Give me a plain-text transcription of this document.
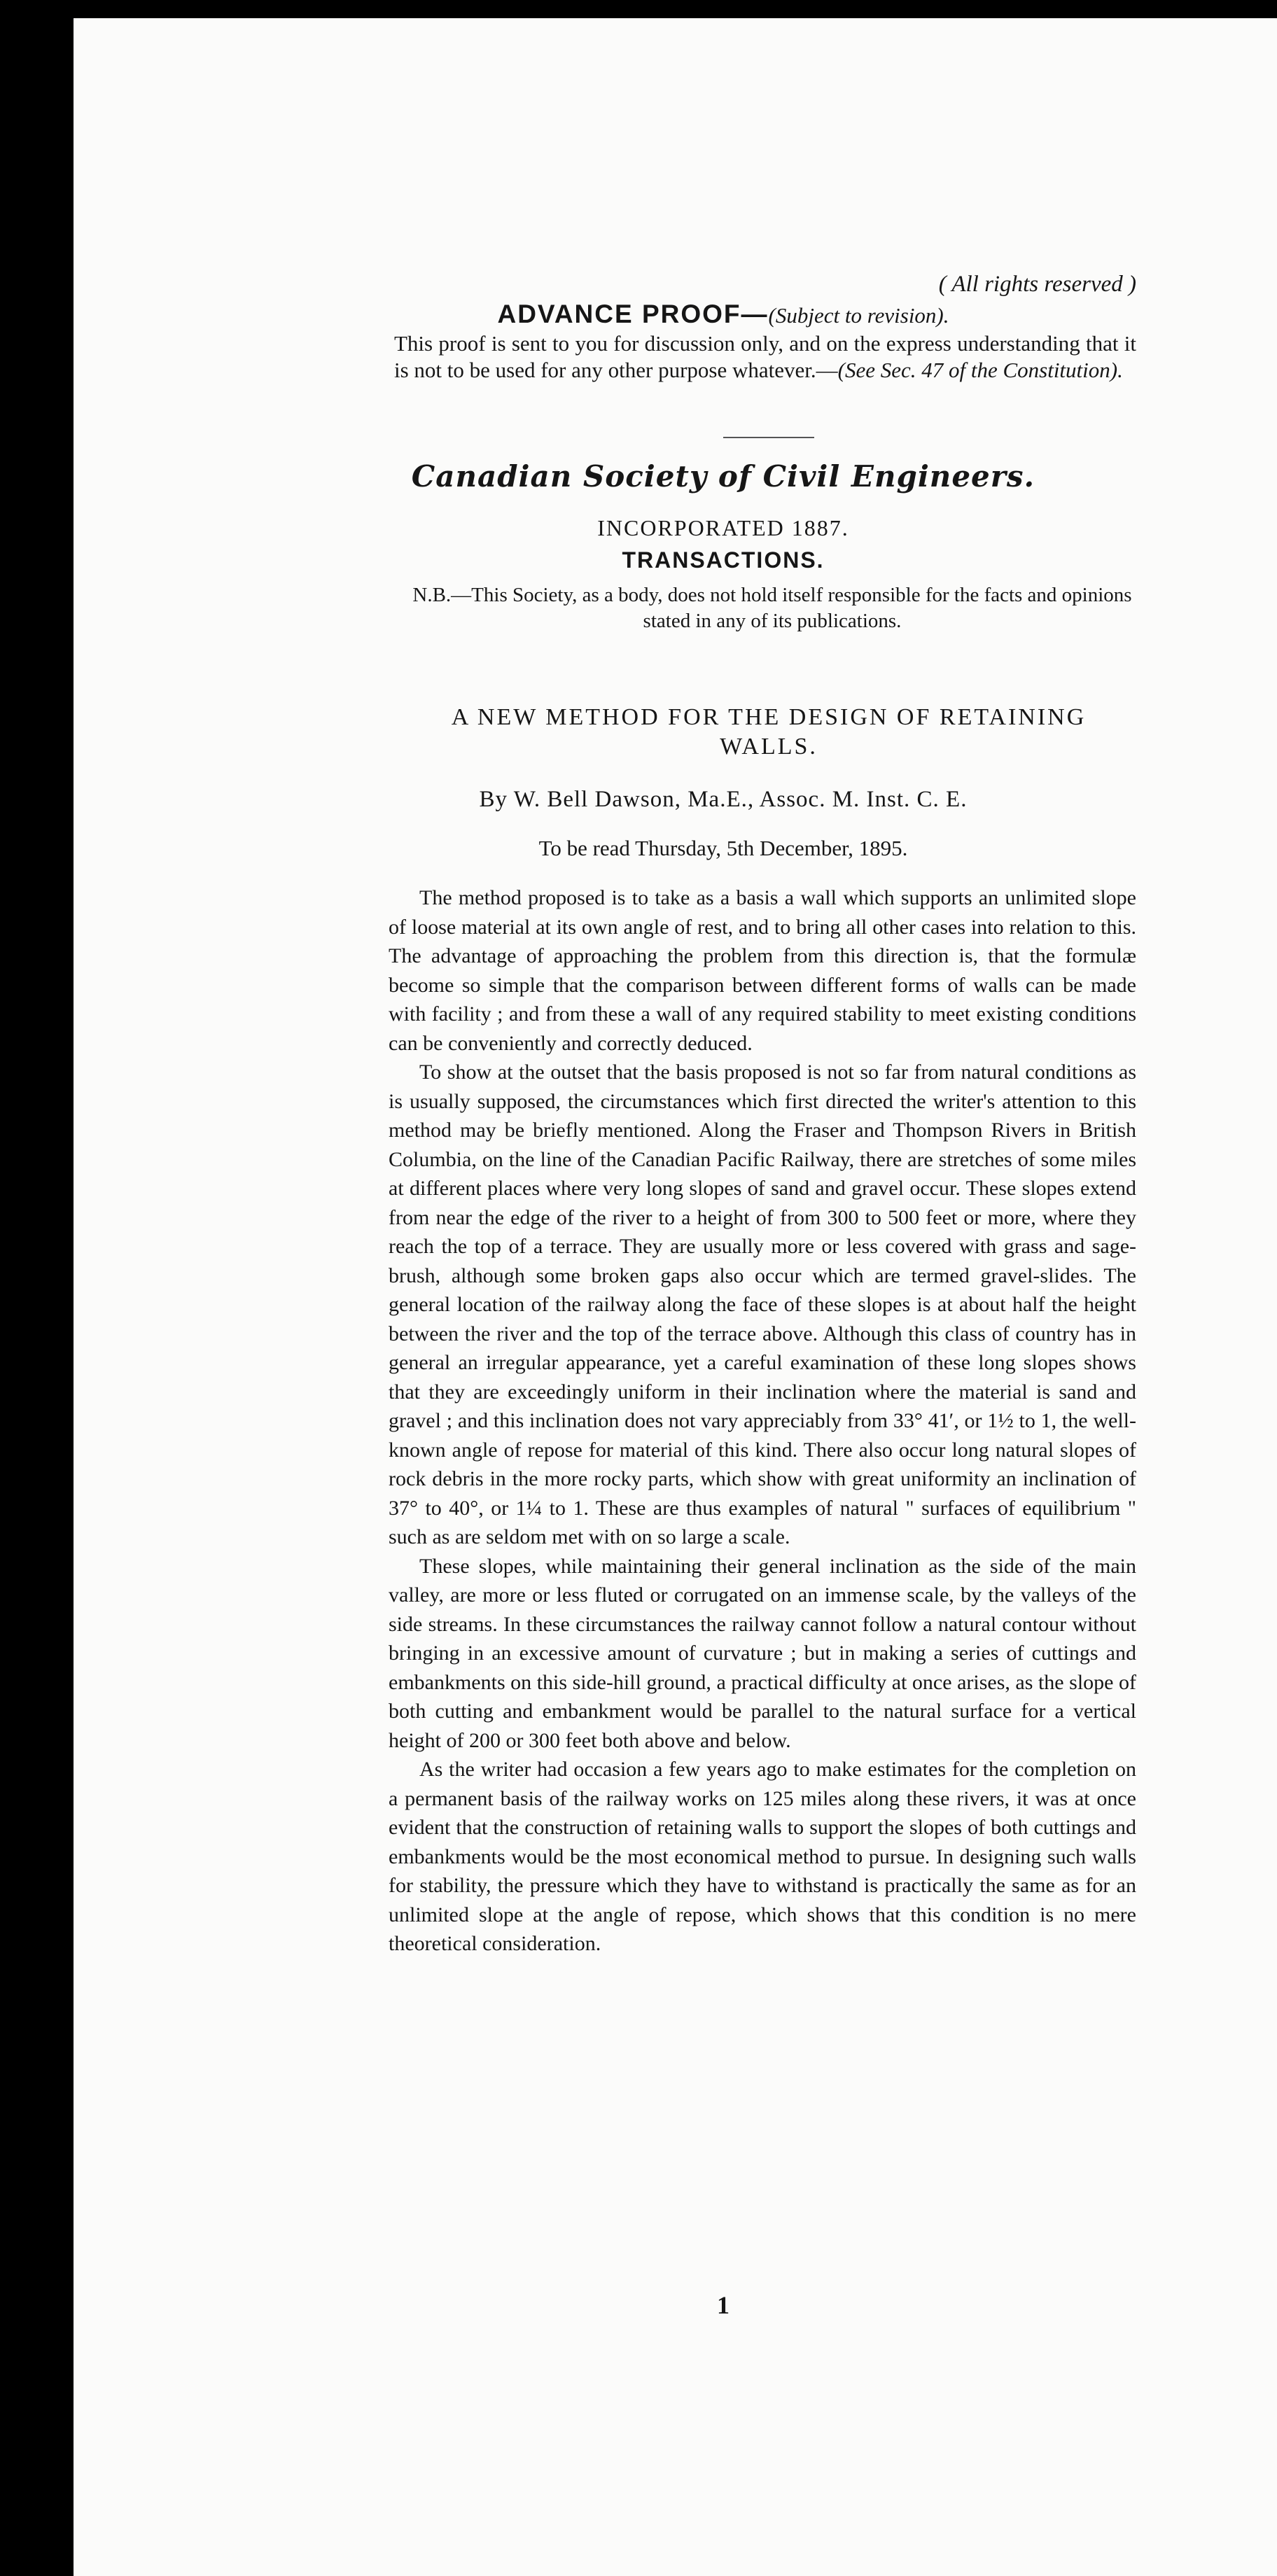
( All rights reserved )
ADVANCE PROOF—(Subject to revision).
This proof is sent to you for discussion only, and on the express understanding that it is not to be used for any other purpose whatever.—(See Sec. 47 of the Constitution).
Canadian Society of Civil Engineers.
INCORPORATED 1887.
TRANSACTIONS.
N.B.—This Society, as a body, does not hold itself responsible for the facts and opinions stated in any of its publications.
A NEW METHOD FOR THE DESIGN OF RETAINING WALLS.
By W. Bell Dawson, Ma.E., Assoc. M. Inst. C. E.
To be read Thursday, 5th December, 1895.

The method proposed is to take as a basis a wall which supports an unlimited slope of loose material at its own angle of rest, and to bring all other cases into relation to this. The advantage of approaching the problem from this direction is, that the formulæ become so simple that the comparison between different forms of walls can be made with facility ; and from these a wall of any required stability to meet existing conditions can be conveniently and correctly deduced.

To show at the outset that the basis proposed is not so far from natural conditions as is usually supposed, the circumstances which first directed the writer's attention to this method may be briefly mentioned. Along the Fraser and Thompson Rivers in British Columbia, on the line of the Canadian Pacific Railway, there are stretches of some miles at different places where very long slopes of sand and gravel occur. These slopes extend from near the edge of the river to a height of from 300 to 500 feet or more, where they reach the top of a terrace. They are usually more or less covered with grass and sage-brush, although some broken gaps also occur which are termed gravel-slides. The general location of the railway along the face of these slopes is at about half the height between the river and the top of the terrace above. Although this class of country has in general an irregular appearance, yet a careful examination of these long slopes shows that they are exceedingly uniform in their inclination where the material is sand and gravel ; and this inclination does not vary appreciably from 33° 41′, or 1½ to 1, the well-known angle of repose for material of this kind. There also occur long natural slopes of rock debris in the more rocky parts, which show with great uniformity an inclination of 37° to 40°, or 1¼ to 1. These are thus examples of natural " surfaces of equilibrium " such as are seldom met with on so large a scale.

These slopes, while maintaining their general inclination as the side of the main valley, are more or less fluted or corrugated on an immense scale, by the valleys of the side streams. In these circumstances the railway cannot follow a natural contour without bringing in an excessive amount of curvature ; but in making a series of cuttings and embankments on this side-hill ground, a practical difficulty at once arises, as the slope of both cutting and embankment would be parallel to the natural surface for a vertical height of 200 or 300 feet both above and below.

As the writer had occasion a few years ago to make estimates for the completion on a permanent basis of the railway works on 125 miles along these rivers, it was at once evident that the construction of retaining walls to support the slopes of both cuttings and embankments would be the most economical method to pursue. In designing such walls for stability, the pressure which they have to withstand is practically the same as for an unlimited slope at the angle of repose, which shows that this condition is no mere theoretical consideration.

1
